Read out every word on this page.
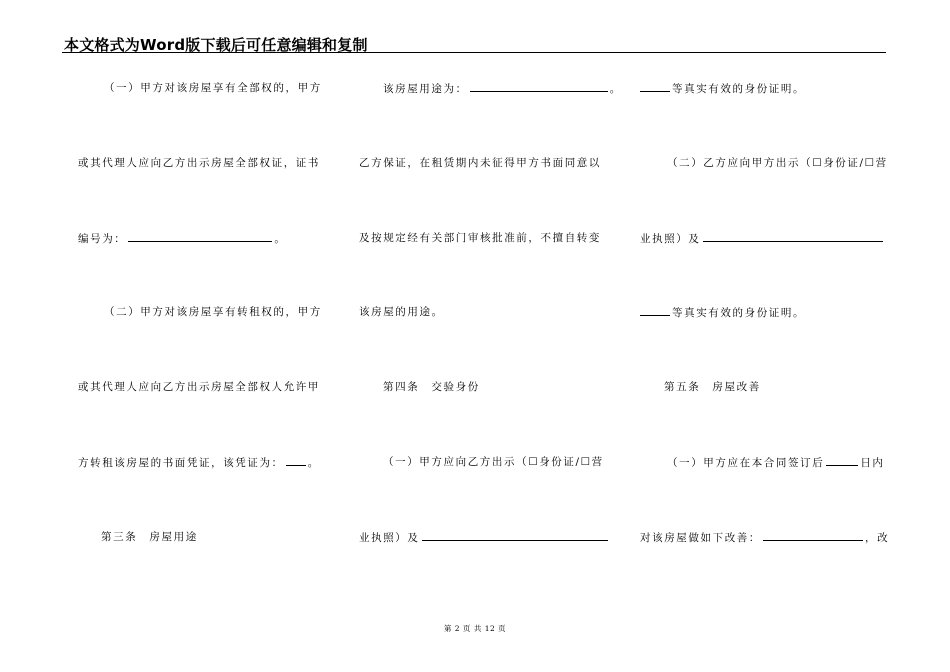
本文格式为Word版下载后可任意编辑和复制
（一）甲方对该房屋享有全部权的，甲方
或其代理人应向乙方出示房屋全部权证，证书
编号为：	。
（二）甲方对该房屋享有转租权的，甲方
或其代理人应向乙方出示房屋全部权人允许甲
方转租该房屋的书面凭证，该凭证为： 。
第三条　房屋用途
该房屋用途为：	。
乙方保证，在租赁期内未征得甲方书面同意以
及按规定经有关部门审核批准前，不擅自转变
该房屋的用途。
第四条　交验身份
（一）甲方应向乙方出示（☐身份证/☐营
业执照）及
等真实有效的身份证明。
（二）乙方应向甲方出示（☐身份证/☐营
业执照）及
等真实有效的身份证明。
第五条　房屋改善
（一）甲方应在本合同签订后	日内
对该房屋做如下改善：	，改
第 2 页 共 12 页
